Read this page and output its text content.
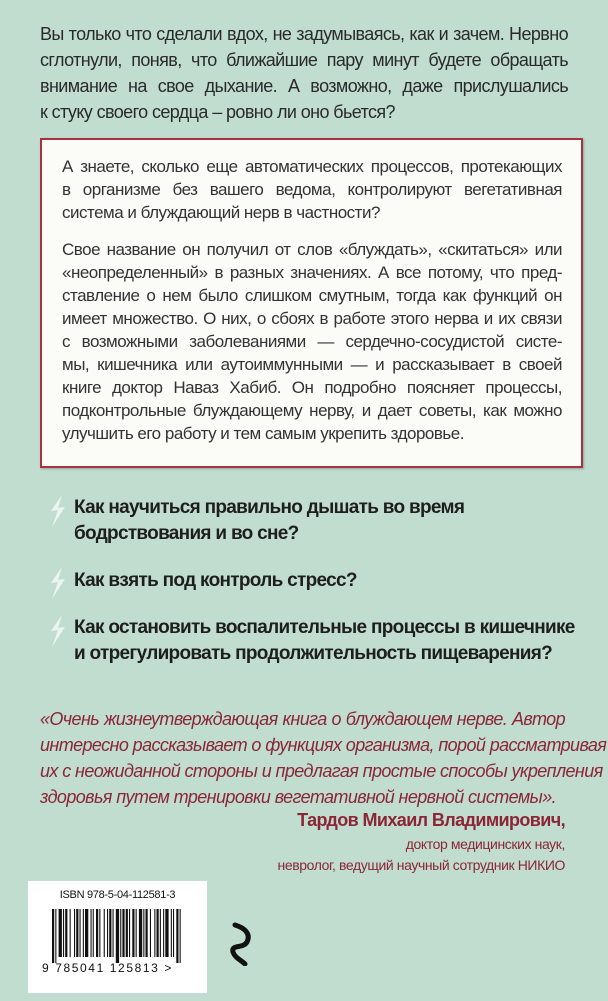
Вы только что сделали вдох, не задумываясь, как и зачем. Нервно
сглотнули, поняв, что ближайшие пару минут будете обращать
внимание на свое дыхание. А возможно, даже прислушались
к стуку своего сердца – ровно ли оно бьется?
А знаете, сколько еще автоматических процессов, протекающих
в организме без вашего ведома, контролируют вегетативная
система и блуждающий нерв в частности?
Свое название он получил от слов «блуждать», «скитаться» или
«неопределенный» в разных значениях. А все потому, что пред-
ставление о нем было слишком смутным, тогда как функций он
имеет множество. О них, о сбоях в работе этого нерва и их связи
с возможными заболеваниями — сердечно-сосудистой систе-
мы, кишечника или аутоиммунными — и рассказывает в своей
книге доктор Наваз Хабиб. Он подробно поясняет процессы,
подконтрольные блуждающему нерву, и дает советы, как можно
улучшить его работу и тем самым укрепить здоровье.
Как научиться правильно дышать во время
бодрствования и во сне?
Как взять под контроль стресс?
Как остановить воспалительные процессы в кишечнике
и отрегулировать продолжительность пищеварения?
«Очень жизнеутверждающая книга о блуждающем нерве. Автор
интересно рассказывает о функциях организма, порой рассматривая
их с неожиданной стороны и предлагая простые способы укрепления
здоровья путем тренировки вегетативной нервной системы».
Тардов Михаил Владимирович,
доктор медицинских наук,
невролог, ведущий научный сотрудник НИКИО
ISBN 978-5-04-112581-3
9 785041 125813 >
